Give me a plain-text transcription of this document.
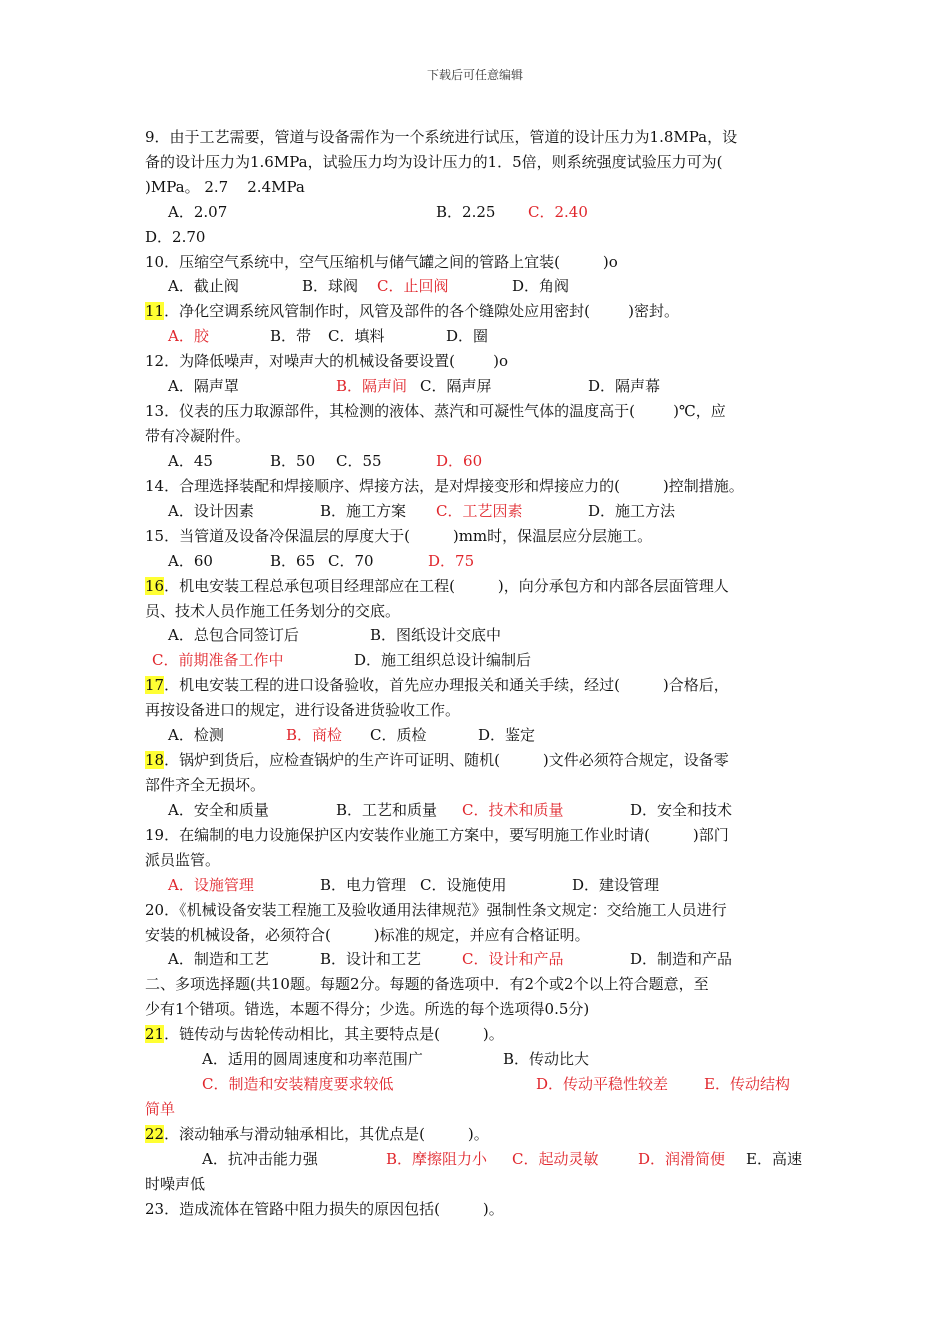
下载后可任意编辑
9．由于工艺需要，管道与设备需作为一个系统进行试压，管道的设计压力为1.8MPa，设
备的设计压力为1.6MPa，试验压力均为设计压力的1．5倍，则系统强度试验压力可为(
)MPa。 2.7    2.4MPa
A．2.07	B．2.25 C．2.40
D．2.70
10．压缩空气系统中，空气压缩机与储气罐之间的管路上宜装(         )o
A．截止阀	B．球阀 C．止回阀	D．角阀
11．净化空调系统风管制作时，风管及部件的各个缝隙处应用密封(        )密封。
A．胶	B．带 C．填料	D．圈
12．为降低噪声，对噪声大的机械设备要设置(        )o
A．隔声罩	B．隔声间 C．隔声屏	D．隔声幕
13．仪表的压力取源部件，其检测的液体、蒸汽和可凝性气体的温度高于(        )℃，应
带有冷凝附件。
A．45	B．50 C．55	D．60
14．合理选择装配和焊接顺序、焊接方法，是对焊接变形和焊接应力的(         )控制措施。
A．设计因素	B．施工方案 C．工艺因素	D．施工方法
15．当管道及设备冷保温层的厚度大于(         )mm时，保温层应分层施工。
A．60	B．65 C．70	D．75
16．机电安装工程总承包项目经理部应在工程(         )，向分承包方和内部各层面管理人
员、技术人员作施工任务划分的交底。
A．总包合同签订后	B．图纸设计交底中
C．前期准备工作中	D．施工组织总设计编制后
17．机电安装工程的进口设备验收，首先应办理报关和通关手续，经过(         )合格后，
再按设备进口的规定，进行设备进货验收工作。
A．检测	B．商检 C．质检	D．鉴定
18．锅炉到货后，应检查锅炉的生产许可证明、随机(         )文件必须符合规定，设备零
部件齐全无损坏。
A．安全和质量	B．工艺和质量 C．技术和质量	D．安全和技术
19．在编制的电力设施保护区内安装作业施工方案中，要写明施工作业时请(         )部门
派员监管。
A．设施管理	B．电力管理 C．设施使用	D．建设管理
20．《机械设备安装工程施工及验收通用法律规范》强制性条文规定：交给施工人员进行
安装的机械设备，必须符合(         )标准的规定，并应有合格证明。
A．制造和工艺	B．设计和工艺	C．设计和产品	D．制造和产品
二、多项选择题(共10题。每题2分。每题的备选项中．有2个或2个以上符合题意，至
少有1个错项。错选，本题不得分；少选。所选的每个选项得0.5分)
21．链传动与齿轮传动相比，其主要特点是(         )。
A．适用的圆周速度和功率范围广	B．传动比大
C．制造和安装精度要求较低	D．传动平稳性较差 E．传动结构
简单
22．滚动轴承与滑动轴承相比，其优点是(         )。
A．抗冲击能力强	B．摩擦阻力小 C．起动灵敏	D．润滑简便 E．高速
时噪声低
23．造成流体在管路中阻力损失的原因包括(         )。
